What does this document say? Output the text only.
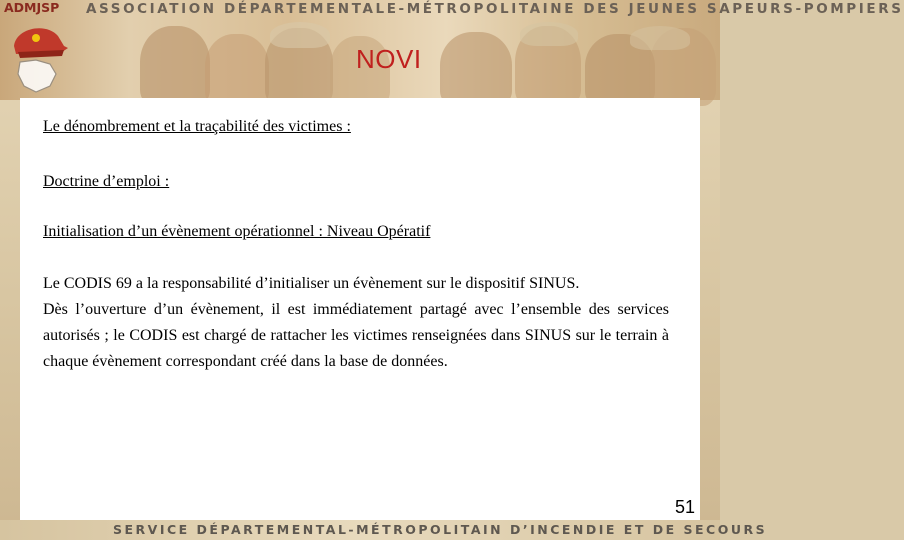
ADMJSP ASSOCIATION DÉPARTEMENTALE-MÉTROPOLITAINE DES JEUNES SAPEURS-POMPIERS
NOVI

Le dénombrement et la traçabilité des victimes :

Doctrine d’emploi :

Initialisation d’un évènement opérationnel : Niveau Opératif

Le CODIS 69 a la responsabilité d’initialiser un évènement sur le dispositif SINUS.

Dès l’ouverture d’un évènement, il est immédiatement partagé avec l’ensemble des services autorisés ; le CODIS est chargé de rattacher les victimes renseignées dans SINUS sur le terrain à chaque évènement correspondant créé dans la base de données.

51
SERVICE DÉPARTEMENTAL-MÉTROPOLITAIN D’INCENDIE ET DE SECOURS
